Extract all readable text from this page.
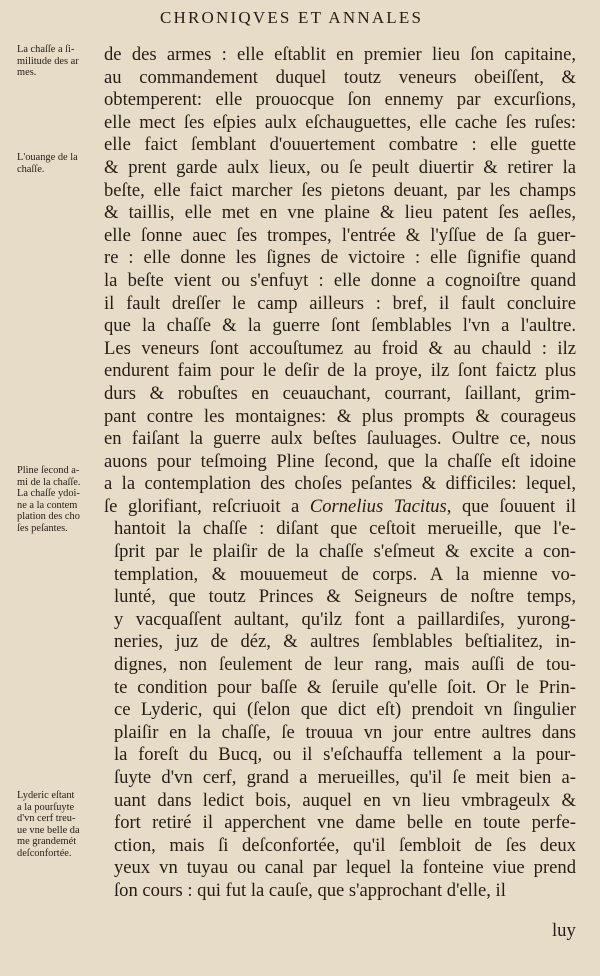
CHRONIQVES ET ANNALES
La chaſſe a ſi-
militude des ar
mes.
L'ouange de la
chaſſe.
Pline ſecond a-
mi de la chaſſe.
La chaſſe ydoi-
ne a la contem
plation des cho
ſes peſantes.
Lyderic eſtant
a la pourſuyte
d'vn cerf treu-
ue vne belle da
me grandemét
deſconfortée.
de des armes : elle eſtablit en premier lieu ſon capitaine,
au commandement duquel toutz veneurs obeiſſent, &
obtemperent: elle prouocque ſon ennemy par excurſions,
elle mect ſes eſpies aulx eſchauguettes, elle cache ſes ruſes:
elle faict ſemblant d'ouuertement combatre : elle guette
& prent garde aulx lieux, ou ſe peult diuertir & retirer la
beſte, elle faict marcher ſes pietons deuant, par les champs
& taillis, elle met en vne plaine & lieu patent ſes aeſles,
elle ſonne auec ſes trompes, l'entrée & l'yſſue de ſa guer-
re : elle donne les ſignes de victoire : elle ſignifie quand
la beſte vient ou s'enfuyt : elle donne a cognoiſtre quand
il fault dreſſer le camp ailleurs : bref, il fault concluire
que la chaſſe & la guerre ſont ſemblables l'vn a l'aultre.
Les veneurs ſont accouſtumez au froid & au chauld : ilz
endurent faim pour le deſir de la proye, ilz ſont faictz plus
durs & robuſtes en ceuauchant, courrant, ſaillant, grim-
pant contre les montaignes: & plus prompts & courageus
en faiſant la guerre aulx beſtes ſauluages. Oultre ce, nous
auons pour teſmoing Pline ſecond, que la chaſſe eſt idoine
a la contemplation des choſes peſantes & difficiles: lequel,
ſe glorifiant, reſcriuoit a Cornelius Tacitus, que ſouuent il
hantoit la chaſſe : diſant que ceſtoit merueille, que l'e-
ſprit par le plaiſir de la chaſſe s'eſmeut & excite a con-
templation, & mouuemeut de corps. A la mienne vo-
lunté, que toutz Princes & Seigneurs de noſtre temps,
y vacquaſſent aultant, qu'ilz font a paillardiſes, yurong-
neries, juz de déz, & aultres ſemblables beſtialitez, in-
dignes, non ſeulement de leur rang, mais auſſi de tou-
te condition pour baſſe & ſeruile qu'elle ſoit. Or le Prin-
ce Lyderic, qui (ſelon que dict eſt) prendoit vn ſingulier
plaiſir en la chaſſe, ſe trouua vn jour entre aultres dans
la foreſt du Bucq, ou il s'eſchauffa tellement a la pour-
ſuyte d'vn cerf, grand a merueilles, qu'il ſe meit bien a-
uant dans ledict bois, auquel en vn lieu vmbrageulx &
fort retiré il apperchent vne dame belle en toute perfe-
ction, mais ſi deſconfortée, qu'il ſembloit de ſes deux
yeux vn tuyau ou canal par lequel la fonteine viue prend
ſon cours : qui fut la cauſe, que s'approchant d'elle, il
luy
